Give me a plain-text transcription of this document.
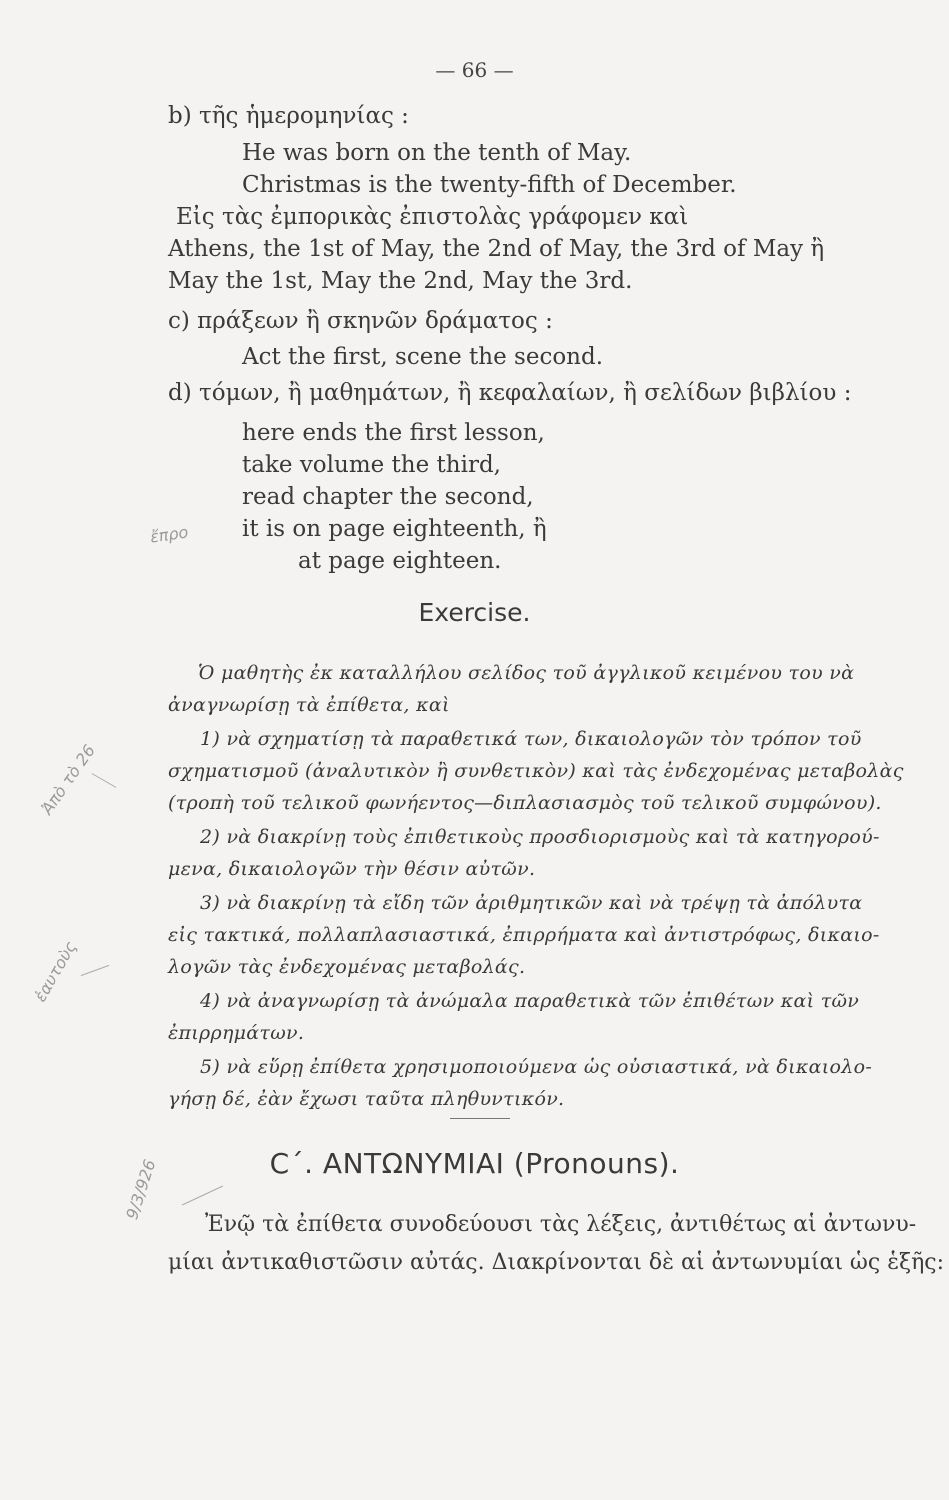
— 66 —
b) τῆς ἡμερομηνίας :
He was born on the tenth of May.
Christmas is the twenty-fifth of December.
Εἰς τὰς ἐμπορικὰς ἐπιστολὰς γράφομεν καὶ
Athens, the 1st of May, the 2nd of May, the 3rd of May ἢ
May the 1st, May the 2nd, May the 3rd.
c) πράξεων ἢ σκηνῶν δράματος :
Act the first, scene the second.
d) τόμων, ἢ μαθημάτων, ἢ κεφαλαίων, ἢ σελίδων βιβλίου :
here ends the first lesson,
take volume the third,
read chapter the second,
it is on page eighteenth, ἢ
at page eighteen.
Exercise.
Ὁ μαθητὴς ἐκ καταλλήλου σελίδος τοῦ ἀγγλικοῦ κειμένου του νὰ
ἀναγνωρίσῃ τὰ ἐπίθετα, καὶ
1) νὰ σχηματίσῃ τὰ παραθετικά των, δικαιολογῶν τὸν τρόπον τοῦ
σχηματισμοῦ (ἀναλυτικὸν ἢ συνθετικὸν) καὶ τὰς ἐνδεχομένας μεταβολὰς
(τροπὴ τοῦ τελικοῦ φωνήεντος—διπλασιασμὸς τοῦ τελικοῦ συμφώνου).
2) νὰ διακρίνῃ τοὺς ἐπιθετικοὺς προσδιορισμοὺς καὶ τὰ κατηγορού-
μενα, δικαιολογῶν τὴν θέσιν αὐτῶν.
3) νὰ διακρίνῃ τὰ εἴδη τῶν ἀριθμητικῶν καὶ νὰ τρέψῃ τὰ ἀπόλυτα
εἰς τακτικά, πολλαπλασιαστικά, ἐπιρρήματα καὶ ἀντιστρόφως, δικαιο-
λογῶν τὰς ἐνδεχομένας μεταβολάς.
4) νὰ ἀναγνωρίσῃ τὰ ἀνώμαλα παραθετικὰ τῶν ἐπιθέτων καὶ τῶν
ἐπιρρημάτων.
5) νὰ εὕρῃ ἐπίθετα χρησιμοποιούμενα ὡς οὐσιαστικά, νὰ δικαιολο-
γήσῃ δέ, ἐὰν ἔχωσι ταῦτα πληθυντικόν.
C΄. ΑΝΤΩΝΥΜΙΑΙ (Pronouns).
Ἐνῷ τὰ ἐπίθετα συνοδεύουσι τὰς λέξεις, ἀντιθέτως αἱ ἀντωνυ-
μίαι ἀντικαθιστῶσιν αὐτάς. Διακρίνονται δὲ αἱ ἀντωνυμίαι ὡς ἑξῆς:
ἔπρο
Ἀπὸ τὸ 26
ἑαυτοὺς
9/3/926
